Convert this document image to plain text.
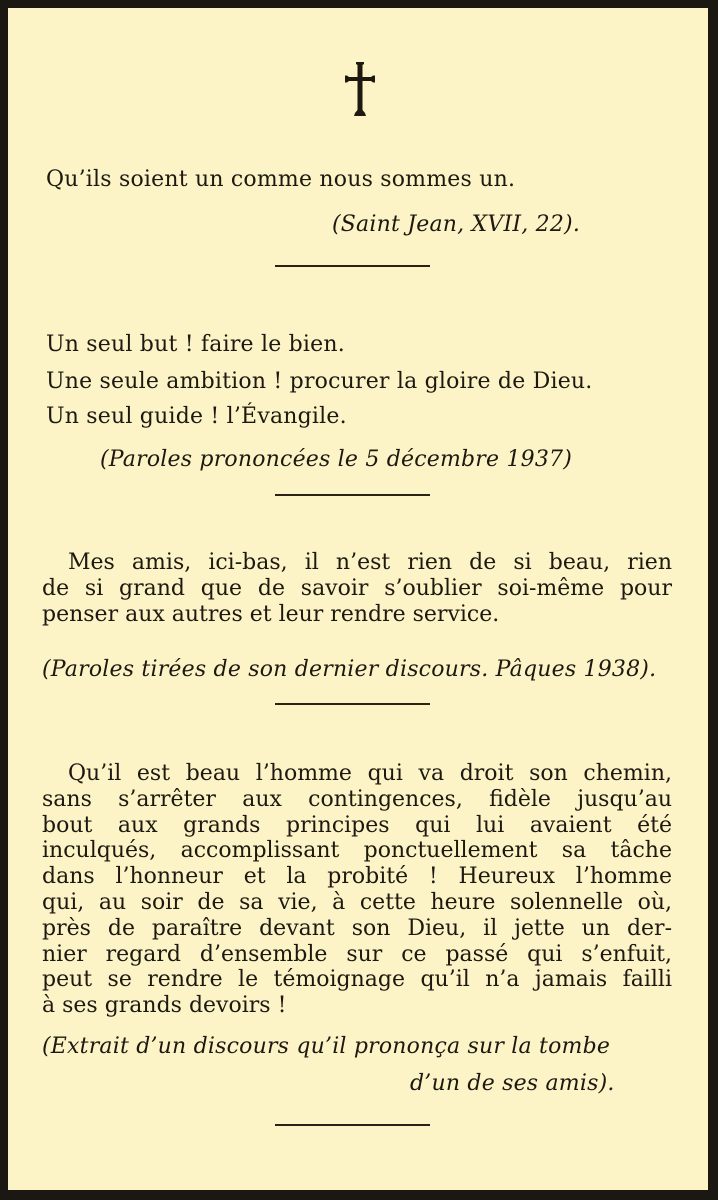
Qu’ils soient un comme nous sommes un.
(Saint Jean, XVII, 22).
Un seul but ! faire le bien.
Une seule ambition ! procurer la gloire de Dieu.
Un seul guide ! l’Évangile.
(Paroles prononcées le 5 décembre 1937)
Mes amis, ici-bas, il n’est rien de si beau, rien
de si grand que de savoir s’oublier soi-même pour
penser aux autres et leur rendre service.
(Paroles tirées de son dernier discours. Pâques 1938).
Qu’il est beau l’homme qui va droit son chemin,
sans s’arrêter aux contingences, fidèle jusqu’au
bout aux grands principes qui lui avaient été
inculqués, accomplissant ponctuellement sa tâche
dans l’honneur et la probité ! Heureux l’homme
qui, au soir de sa vie, à cette heure solennelle où,
près de paraître devant son Dieu, il jette un der-
nier regard d’ensemble sur ce passé qui s’enfuit,
peut se rendre le témoignage qu’il n’a jamais failli
à ses grands devoirs !
(Extrait d’un discours qu’il prononça sur la tombe
d’un de ses amis).
